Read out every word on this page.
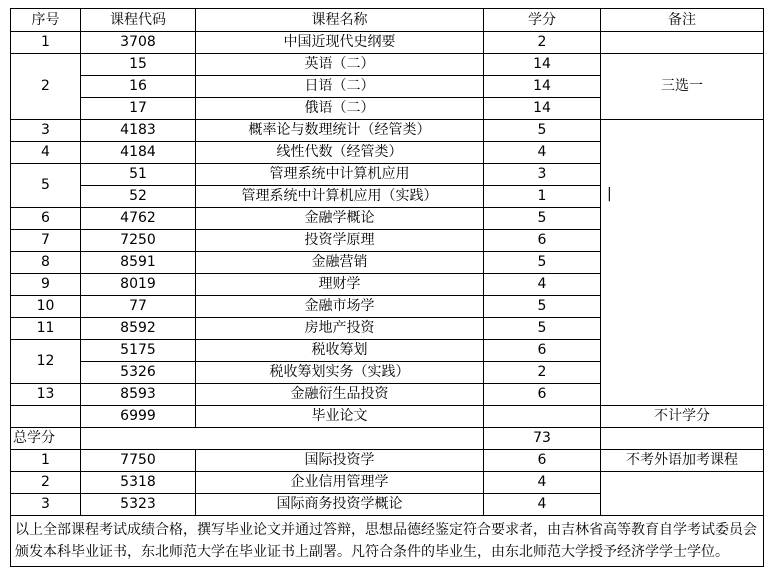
序号	课程代码	课程名称	学分	备注
1	3708	中国近现代史纲要	2	
2	15	英语（二）	14	三选一
	16	日语（二）	14	
	17	俄语（二）	14	
3	4183	概率论与数理统计（经管类）	5	|

4	4184	线性代数（经管类）	4	
5	51	管理系统中计算机应用	3	
	52	管理系统中计算机应用（实践）	1	
6	4762	金融学概论	5	
7	7250	投资学原理	6	
8	8591	金融营销	5	
9	8019	理财学	4	
10	77	金融市场学	5	
11	8592	房地产投资	5	
12	5175	税收筹划	6	
	5326	税收筹划实务（实践）	2	
13	8593	金融衍生品投资	6	
	6999	毕业论文		不计学分
总学分			73	
1	7750	国际投资学	6	不考外语加考课程
2	5318	企业信用管理学	4	
3	5323	国际商务投资学概论	4	
以上全部课程考试成绩合格，撰写毕业论文并通过答辩，思想品德经鉴定符合要求者，由吉林省高等教育自学考试委员会颁发本科毕业证书，东北师范大学在毕业证书上副署。凡符合条件的毕业生，由东北师范大学授予经济学学士学位。				
